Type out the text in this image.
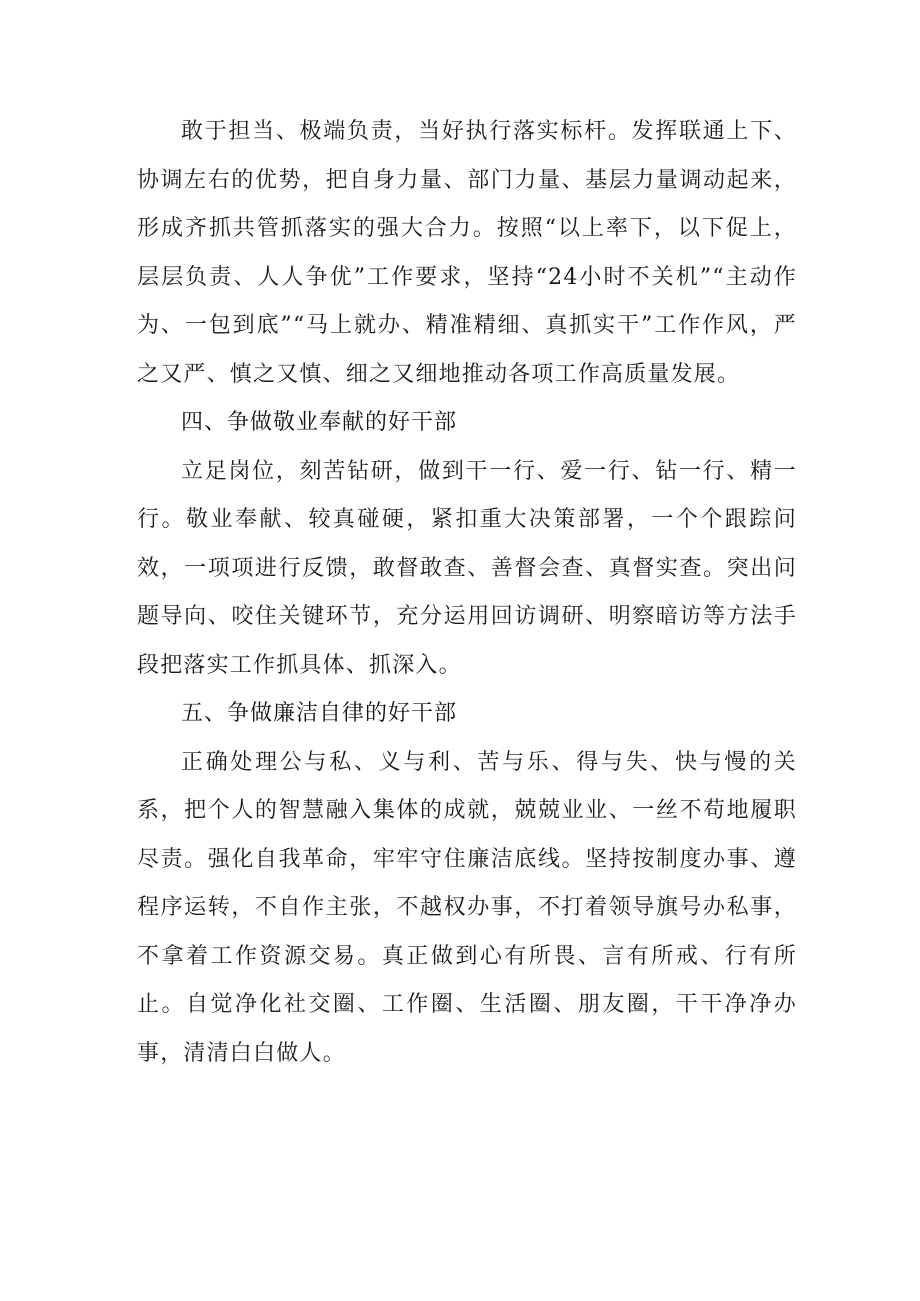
敢于担当、极端负责，当好执行落实标杆。发挥联通上下、协调左右的优势，把自身力量、部门力量、基层力量调动起来，形成齐抓共管抓落实的强大合力。按照“以上率下，以下促上，层层负责、人人争优”工作要求，坚持“24小时不关机”“主动作为、一包到底”“马上就办、精准精细、真抓实干”工作作风，严之又严、慎之又慎、细之又细地推动各项工作高质量发展。

四、争做敬业奉献的好干部

立足岗位，刻苦钻研，做到干一行、爱一行、钻一行、精一行。敬业奉献、较真碰硬，紧扣重大决策部署，一个个跟踪问效，一项项进行反馈，敢督敢查、善督会查、真督实查。突出问题导向、咬住关键环节，充分运用回访调研、明察暗访等方法手段把落实工作抓具体、抓深入。

五、争做廉洁自律的好干部

正确处理公与私、义与利、苦与乐、得与失、快与慢的关系，把个人的智慧融入集体的成就，兢兢业业、一丝不苟地履职尽责。强化自我革命，牢牢守住廉洁底线。坚持按制度办事、遵程序运转，不自作主张，不越权办事，不打着领导旗号办私事，不拿着工作资源交易。真正做到心有所畏、言有所戒、行有所止。自觉净化社交圈、工作圈、生活圈、朋友圈，干干净净办事，清清白白做人。
